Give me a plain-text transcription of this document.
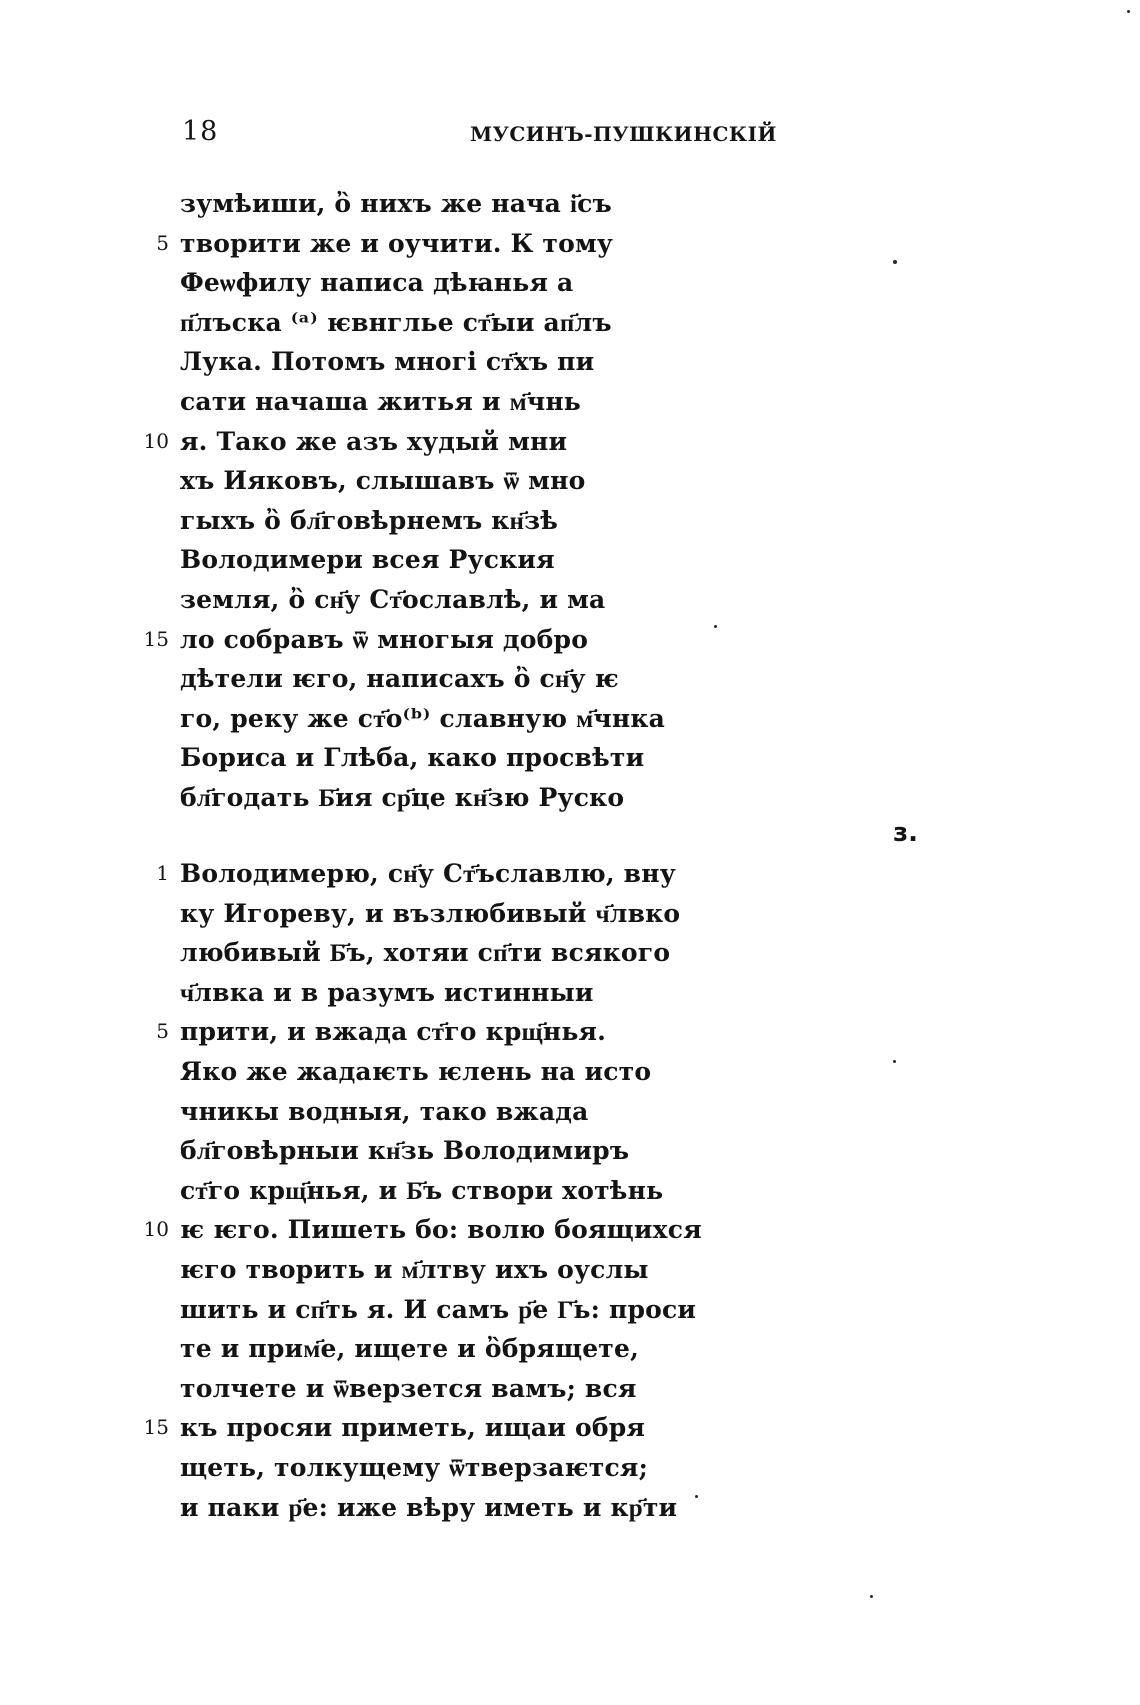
18	МУСИНЪ-ПУШКИНСКІЙ
зумѣиши, ὂ нихъ же нача і҃съ
5 творити же и оучити. К тому
Феѡфилу написа дѣꙗнья а
п҃лъска ⁽ᵃ⁾ ѥвнглье ст҃ыи ап҃лъ
Лука. Потомъ многі ст҃хъ пи
сати начаша житья и м҃чнь
10 я. Тако же азъ худый мни
хъ Ияковъ, слышавъ ѿ мно
гыхъ ὂ бл҃говѣрнемъ кн҃зѣ
Володимери всея Руския
земля, ὂ сн҃у Ст҃ославлѣ, и ма
15 ло собравъ ѿ многыя добро
дѣтели ѥго, написахъ ὂ сн҃у ѥ
го, реку же ст҃о⁽ᵇ⁾ славную м҃чнка
Бориса и Глѣба, како просвѣти
бл҃годать Б҃ия ср҃це кн҃зю Руско
з.
1 Володимерю, сн҃у Ст҃ъславлю, вну
ку Игореву, и възлюбивый ч҃лвко
любивый Б҃ъ, хотяи сп҃ти всякого
ч҃лвка и в разумъ истинныи
5 прити, и вжада ст҃го крщ҃нья.
Яко же жадаѥть ѥлень на исто
чникы водныя, тако вжада
бл҃говѣрныи кн҃зь Володимиръ
ст҃го крщ҃нья, и Б҃ъ створи хотѣнь
10 ѥ ѥго. Пишеть бо: волю боящихся
ѥго творить и м҃лтву ихъ оуслы
шить и сп҃ть я. И самъ р҃е Г҃ь: проси
те и прим҃е, ищете и ὂбрящете,
толчете и ѿверзется вамъ; вся
15 къ просяи приметь, ищаи обря
щеть, толкущему ѿтверзаѥтся;
и паки р҃е: иже вѣру иметь и кр҃ти
